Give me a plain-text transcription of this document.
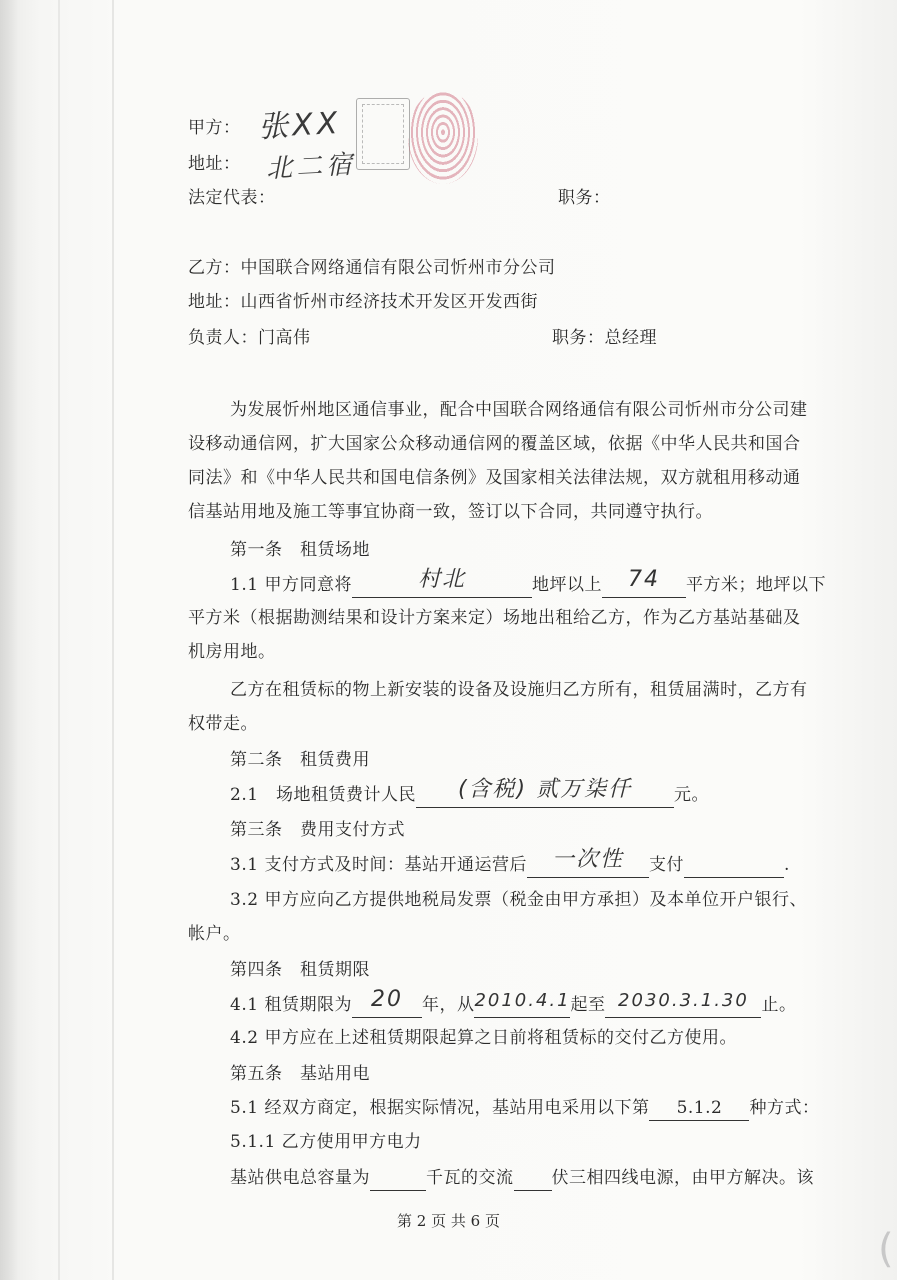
甲方： 张XX
地址： 北二宿
法定代表：	职务：
乙方：中国联合网络通信有限公司忻州市分公司
地址：山西省忻州市经济技术开发区开发西街
负责人：门高伟	职务：总经理
为发展忻州地区通信事业，配合中国联合网络通信有限公司忻州市分公司建
设移动通信网，扩大国家公众移动通信网的覆盖区域，依据《中华人民共和国合
同法》和《中华人民共和国电信条例》及国家相关法律法规，双方就租用移动通
信基站用地及施工等事宜协商一致，签订以下合同，共同遵守执行。
第一条　租赁场地
1.1 甲方同意将	村北	地坪以上 74 平方米；地坪以下
平方米（根据勘测结果和设计方案来定）场地出租给乙方，作为乙方基站基础及
机房用地。
乙方在租赁标的物上新安装的设备及设施归乙方所有，租赁届满时，乙方有
权带走。
第二条　租赁费用
2.1　场地租赁费计人民 (含税) 贰万柒仟 元。
第三条　费用支付方式
3.1 支付方式及时间：基站开通运营后 一次性 支付	.
3.2 甲方应向乙方提供地税局发票（税金由甲方承担）及本单位开户银行、
帐户。
第四条　租赁期限
4.1 租赁期限为 20 年，从2010.4.1起至 2030.3.1.30 止。
4.2 甲方应在上述租赁期限起算之日前将租赁标的交付乙方使用。
第五条　基站用电
5.1 经双方商定，根据实际情况，基站用电采用以下第 5.1.2 种方式：
5.1.1 乙方使用甲方电力
基站供电总容量为	千瓦的交流 伏三相四线电源，由甲方解决。该
第 2 页 共 6 页
(
